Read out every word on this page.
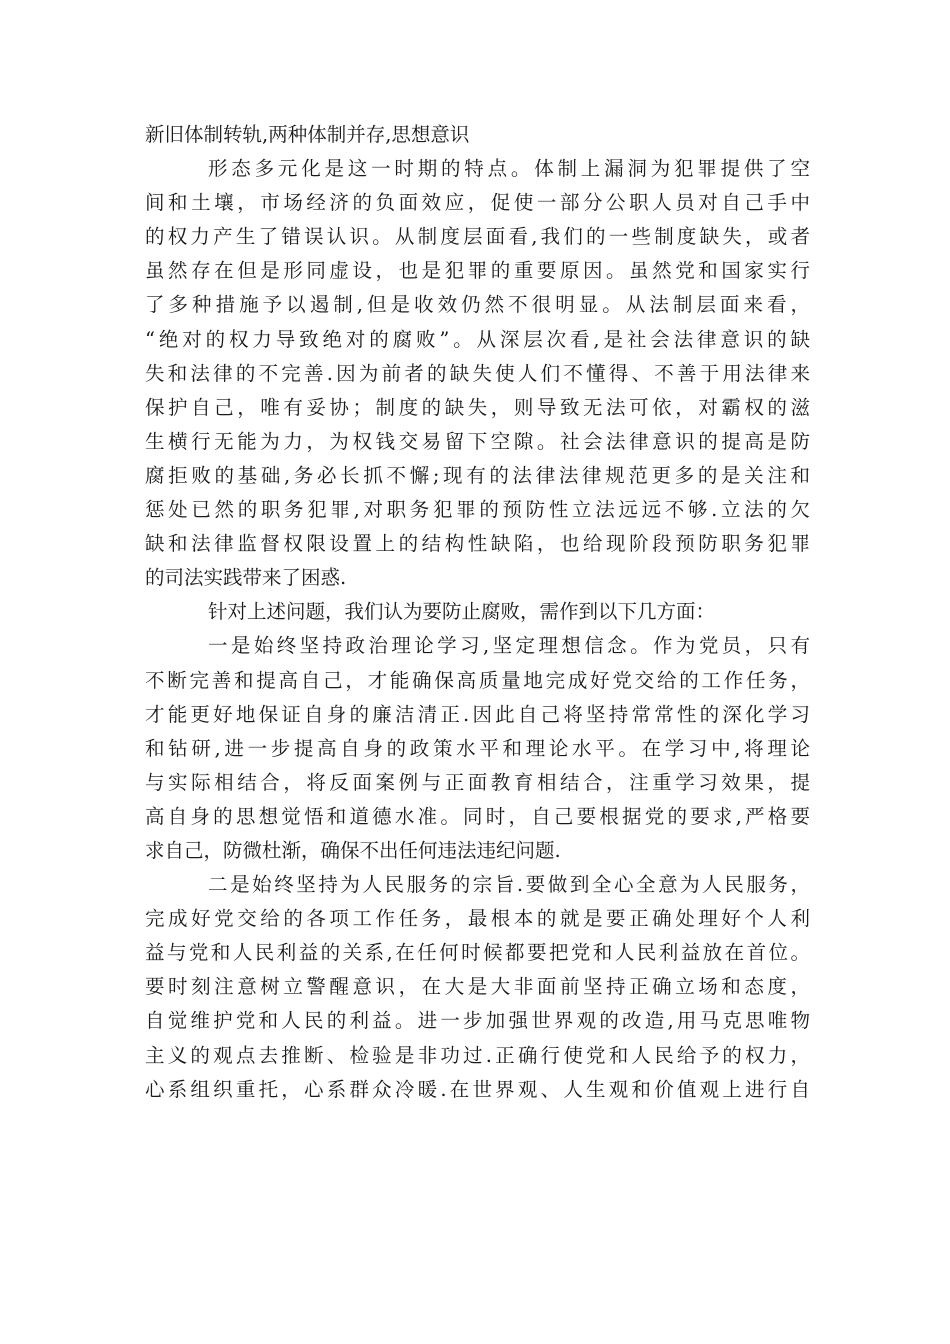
新旧体制转轨,两种体制并存,思想意识
形态多元化是这一时期的特点。体制上漏洞为犯罪提供了空
间和土壤，市场经济的负面效应，促使一部分公职人员对自己手中
的权力产生了错误认识。从制度层面看,我们的一些制度缺失，或者
虽然存在但是形同虚设，也是犯罪的重要原因。虽然党和国家实行
了多种措施予以遏制,但是收效仍然不很明显。从法制层面来看，
“绝对的权力导致绝对的腐败”。从深层次看,是社会法律意识的缺
失和法律的不完善.因为前者的缺失使人们不懂得、不善于用法律来
保护自己，唯有妥协；制度的缺失，则导致无法可依，对霸权的滋
生横行无能为力，为权钱交易留下空隙。社会法律意识的提高是防
腐拒败的基础,务必长抓不懈;现有的法律法律规范更多的是关注和
惩处已然的职务犯罪,对职务犯罪的预防性立法远远不够.立法的欠
缺和法律监督权限设置上的结构性缺陷，也给现阶段预防职务犯罪
的司法实践带来了困惑.
针对上述问题，我们认为要防止腐败，需作到以下几方面：
一是始终坚持政治理论学习,坚定理想信念。作为党员，只有
不断完善和提高自己，才能确保高质量地完成好党交给的工作任务，
才能更好地保证自身的廉洁清正.因此自己将坚持常常性的深化学习
和钻研,进一步提高自身的政策水平和理论水平。在学习中,将理论
与实际相结合，将反面案例与正面教育相结合，注重学习效果，提
高自身的思想觉悟和道德水准。同时，自己要根据党的要求,严格要
求自己，防微杜渐，确保不出任何违法违纪问题.
二是始终坚持为人民服务的宗旨.要做到全心全意为人民服务，
完成好党交给的各项工作任务，最根本的就是要正确处理好个人利
益与党和人民利益的关系,在任何时候都要把党和人民利益放在首位。
要时刻注意树立警醒意识，在大是大非面前坚持正确立场和态度，
自觉维护党和人民的利益。进一步加强世界观的改造,用马克思唯物
主义的观点去推断、检验是非功过.正确行使党和人民给予的权力，
心系组织重托，心系群众冷暖.在世界观、人生观和价值观上进行自
